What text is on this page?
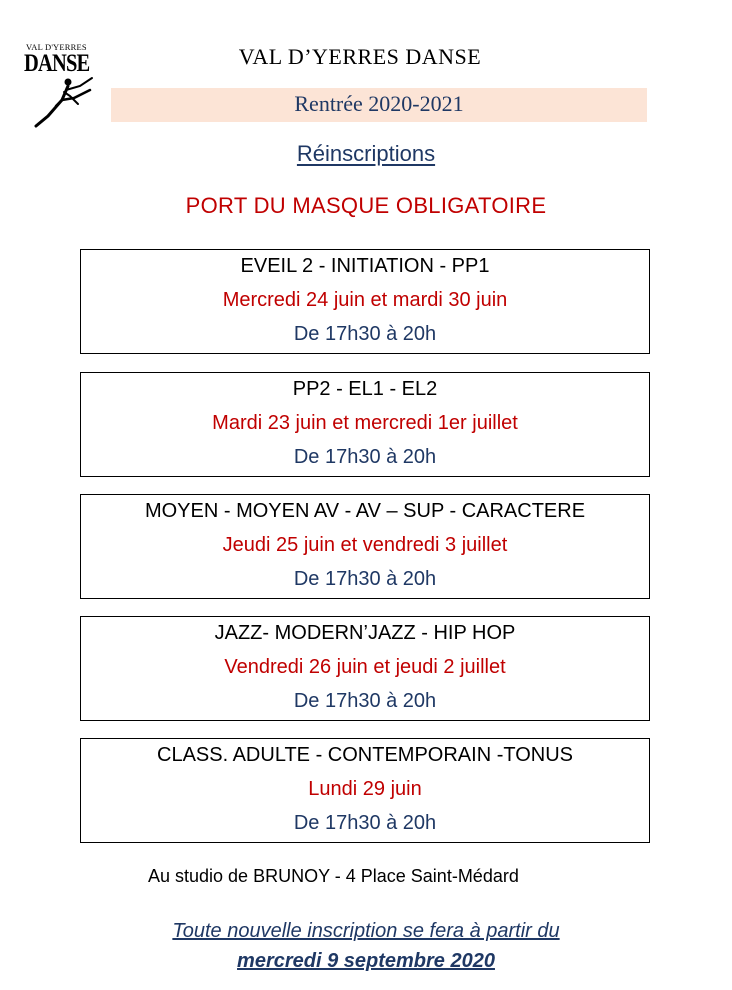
VAL D'YERRES
DANSE	VAL D’YERRES DANSE
Rentrée 2020-2021
Réinscriptions
PORT DU MASQUE OBLIGATOIRE
EVEIL 2 - INITIATION - PP1
Mercredi 24 juin et mardi 30 juin
De 17h30 à 20h
PP2 - EL1 - EL2
Mardi 23 juin et mercredi 1er juillet
De 17h30 à 20h
MOYEN - MOYEN AV - AV – SUP - CARACTERE
Jeudi 25 juin et vendredi 3 juillet
De 17h30 à 20h
JAZZ- MODERN’JAZZ - HIP HOP
Vendredi 26 juin et jeudi 2 juillet
De 17h30 à 20h
CLASS. ADULTE - CONTEMPORAIN -TONUS
Lundi 29 juin
De 17h30 à 20h
Au studio de BRUNOY - 4 Place Saint-Médard
Toute nouvelle inscription se fera à partir du
mercredi 9 septembre 2020
